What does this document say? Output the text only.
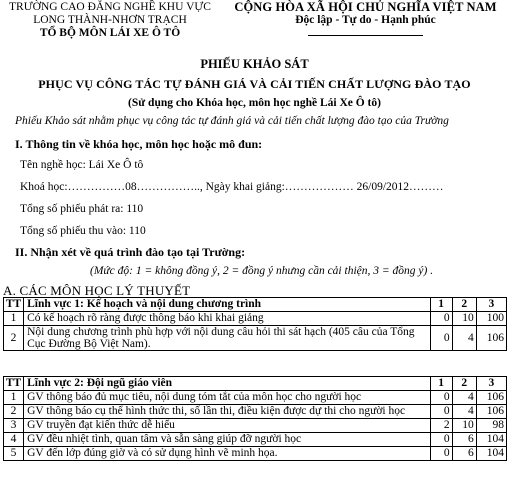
TRƯỜNG CAO ĐẲNG NGHỀ KHU VỰC
LONG THÀNH-NHƠN TRẠCH
TỔ BỘ MÔN LÁI XE Ô TÔ
CỘNG HÒA XÃ HỘI CHỦ NGHĨA VIỆT NAM
Độc lập - Tự do - Hạnh phúc
PHIẾU KHẢO SÁT
PHỤC VỤ CÔNG TÁC TỰ ĐÁNH GIÁ VÀ CẢI TIẾN CHẤT LƯỢNG ĐÀO TẠO
(Sử dụng cho Khóa học, môn học nghề Lái Xe Ô tô)
Phiếu Khảo sát nhằm phục vụ công tác tự đánh giá và cải tiến chất lượng đào tạo của Trường
I. Thông tin về khóa học, môn học hoặc mô đun:
Tên nghề học: Lái Xe Ô tô
Khoá học:……………08…………….., Ngày khai giảng:……………… 26/09/2012………
Tổng số phiếu phát ra: 110
Tổng số phiếu thu vào: 110
II. Nhận xét về quá trình đào tạo tại Trường:
(Mức độ: 1 = không đồng ý, 2 = đồng ý nhưng cần cải thiện, 3 = đồng ý) .
A. CÁC MÔN HỌC LÝ THUYẾT
TT	Lĩnh vực 1: Kế hoạch và nội dung chương trình	1	2	3
1	Có kế hoạch rõ ràng được thông báo khi khai giảng	0	10	100
2	Nội dung chương trình phù hợp với nội dung câu hỏi thi sát hạch (405 câu của Tổng Cục Đường Bộ Việt Nam).	0	4	106
TT	Lĩnh vực 2: Đội ngũ giáo viên	1	2	3
1	GV thông báo đủ mục tiêu, nội dung tóm tắt của môn học cho người học	0	4	106
2	GV thông báo cụ thể hình thức thi, số lần thi, điều kiện được dự thi cho người học	0	4	106
3	GV truyền đạt kiến thức dễ hiểu	2	10	98
4	GV đều nhiệt tình, quan tâm và sẵn sàng giúp đỡ người học	0	6	104
5	GV đến lớp đúng giờ và có sử dụng hình vẽ minh họa.	0	6	104
